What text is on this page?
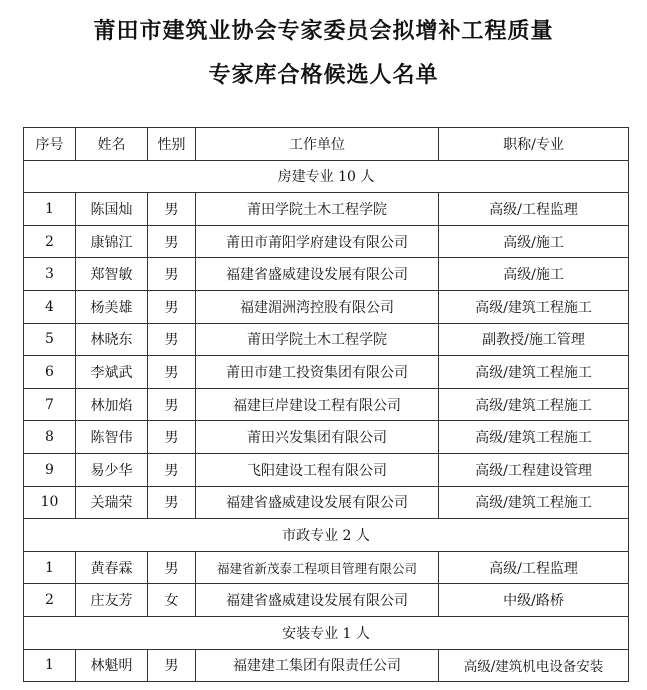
莆田市建筑业协会专家委员会拟增补工程质量
专家库合格候选人名单
序号	姓名	性别	工作单位	职称/专业
房建专业 10 人				
1	陈国灿	男	莆田学院土木工程学院	高级/工程监理
2	康锦江	男	莆田市莆阳学府建设有限公司	高级/施工
3	郑智敏	男	福建省盛威建设发展有限公司	高级/施工
4	杨美雄	男	福建湄洲湾控股有限公司	高级/建筑工程施工
5	林晓东	男	莆田学院土木工程学院	副教授/施工管理
6	李斌武	男	莆田市建工投资集团有限公司	高级/建筑工程施工
7	林加焰	男	福建巨岸建设工程有限公司	高级/建筑工程施工
8	陈智伟	男	莆田兴发集团有限公司	高级/建筑工程施工
9	易少华	男	飞阳建设工程有限公司	高级/工程建设管理
10	关瑞荣	男	福建省盛威建设发展有限公司	高级/建筑工程施工
市政专业 2 人				
1	黄春霖	男	福建省新茂泰工程项目管理有限公司	高级/工程监理
2	庄友芳	女	福建省盛威建设发展有限公司	中级/路桥
安装专业 1 人				
1	林魁明	男	福建建工集团有限责任公司	高级/建筑机电设备安装
